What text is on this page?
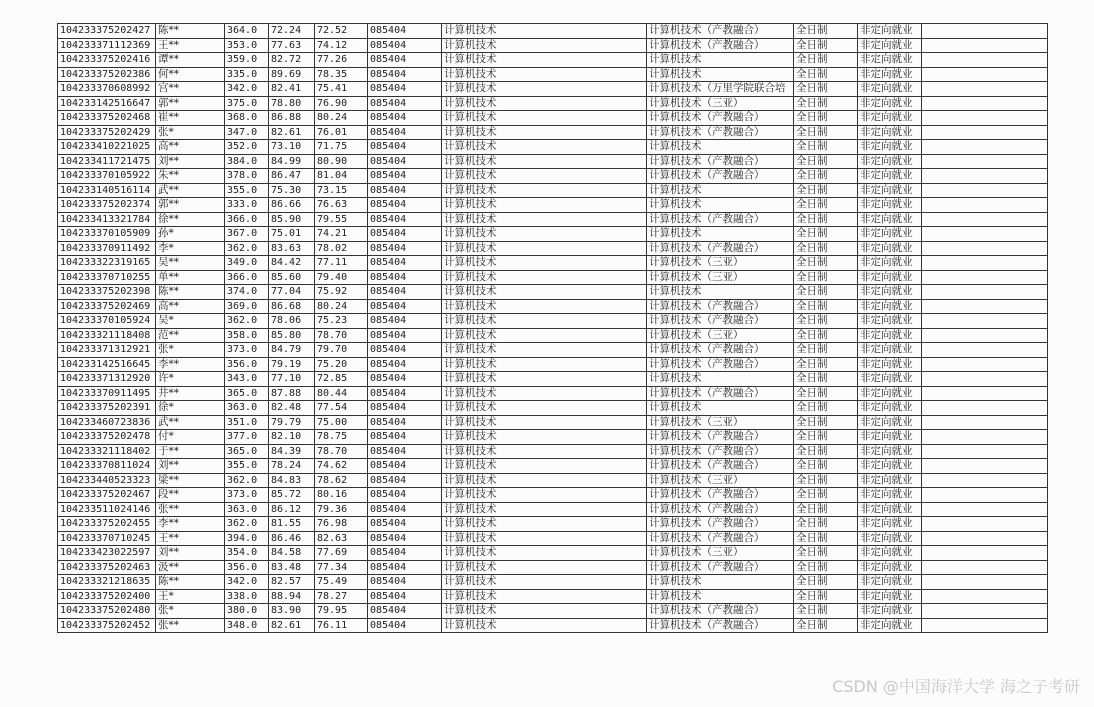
104233375202427	陈**	364.0	72.24	72.52	085404	计算机技术	计算机技术（产教融合）	全日制	非定向就业	
104233371112369	王**	353.0	77.63	74.12	085404	计算机技术	计算机技术（产教融合）	全日制	非定向就业	
104233375202416	谭**	359.0	82.72	77.26	085404	计算机技术	计算机技术	全日制	非定向就业	
104233375202386	何**	335.0	89.69	78.35	085404	计算机技术	计算机技术	全日制	非定向就业	
104233370608992	宫**	342.0	82.41	75.41	085404	计算机技术	计算机技术（万里学院联合培	全日制	非定向就业	
104233142516647	郭**	375.0	78.80	76.90	085404	计算机技术	计算机技术（三亚）	全日制	非定向就业	
104233375202468	崔**	368.0	86.88	80.24	085404	计算机技术	计算机技术（产教融合）	全日制	非定向就业	
104233375202429	张*	347.0	82.61	76.01	085404	计算机技术	计算机技术（产教融合）	全日制	非定向就业	
104233410221025	高**	352.0	73.10	71.75	085404	计算机技术	计算机技术	全日制	非定向就业	
104233411721475	刘**	384.0	84.99	80.90	085404	计算机技术	计算机技术（产教融合）	全日制	非定向就业	
104233370105922	朱**	378.0	86.47	81.04	085404	计算机技术	计算机技术（产教融合）	全日制	非定向就业	
104233140516114	武**	355.0	75.30	73.15	085404	计算机技术	计算机技术	全日制	非定向就业	
104233375202374	郭**	333.0	86.66	76.63	085404	计算机技术	计算机技术	全日制	非定向就业	
104233413321784	徐**	366.0	85.90	79.55	085404	计算机技术	计算机技术（产教融合）	全日制	非定向就业	
104233370105909	孙*	367.0	75.01	74.21	085404	计算机技术	计算机技术	全日制	非定向就业	
104233370911492	李*	362.0	83.63	78.02	085404	计算机技术	计算机技术（产教融合）	全日制	非定向就业	
104233322319165	吴**	349.0	84.42	77.11	085404	计算机技术	计算机技术（三亚）	全日制	非定向就业	
104233370710255	单**	366.0	85.60	79.40	085404	计算机技术	计算机技术（三亚）	全日制	非定向就业	
104233375202398	陈**	374.0	77.04	75.92	085404	计算机技术	计算机技术	全日制	非定向就业	
104233375202469	高**	369.0	86.68	80.24	085404	计算机技术	计算机技术（产教融合）	全日制	非定向就业	
104233370105924	吴*	362.0	78.06	75.23	085404	计算机技术	计算机技术（产教融合）	全日制	非定向就业	
104233321118408	范**	358.0	85.80	78.70	085404	计算机技术	计算机技术（三亚）	全日制	非定向就业	
104233371312921	张*	373.0	84.79	79.70	085404	计算机技术	计算机技术（产教融合）	全日制	非定向就业	
104233142516645	李**	356.0	79.19	75.20	085404	计算机技术	计算机技术（产教融合）	全日制	非定向就业	
104233371312920	许*	343.0	77.10	72.85	085404	计算机技术	计算机技术	全日制	非定向就业	
104233370911495	井**	365.0	87.88	80.44	085404	计算机技术	计算机技术（产教融合）	全日制	非定向就业	
104233375202391	徐*	363.0	82.48	77.54	085404	计算机技术	计算机技术	全日制	非定向就业	
104233460723836	武**	351.0	79.79	75.00	085404	计算机技术	计算机技术（三亚）	全日制	非定向就业	
104233375202478	付*	377.0	82.10	78.75	085404	计算机技术	计算机技术（产教融合）	全日制	非定向就业	
104233321118402	于**	365.0	84.39	78.70	085404	计算机技术	计算机技术（产教融合）	全日制	非定向就业	
104233370811024	刘**	355.0	78.24	74.62	085404	计算机技术	计算机技术（产教融合）	全日制	非定向就业	
104233440523323	梁**	362.0	84.83	78.62	085404	计算机技术	计算机技术（三亚）	全日制	非定向就业	
104233375202467	段**	373.0	85.72	80.16	085404	计算机技术	计算机技术（产教融合）	全日制	非定向就业	
104233511024146	张**	363.0	86.12	79.36	085404	计算机技术	计算机技术（产教融合）	全日制	非定向就业	
104233375202455	李**	362.0	81.55	76.98	085404	计算机技术	计算机技术（产教融合）	全日制	非定向就业	
104233370710245	王**	394.0	86.46	82.63	085404	计算机技术	计算机技术（产教融合）	全日制	非定向就业	
104233423022597	刘**	354.0	84.58	77.69	085404	计算机技术	计算机技术（三亚）	全日制	非定向就业	
104233375202463	汲**	356.0	83.48	77.34	085404	计算机技术	计算机技术（产教融合）	全日制	非定向就业	
104233321218635	陈**	342.0	82.57	75.49	085404	计算机技术	计算机技术	全日制	非定向就业	
104233375202400	王*	338.0	88.94	78.27	085404	计算机技术	计算机技术	全日制	非定向就业	
104233375202480	张*	380.0	83.90	79.95	085404	计算机技术	计算机技术（产教融合）	全日制	非定向就业	
104233375202452	张**	348.0	82.61	76.11	085404	计算机技术	计算机技术（产教融合）	全日制	非定向就业	
CSDN @中国海洋大学 海之子考研
